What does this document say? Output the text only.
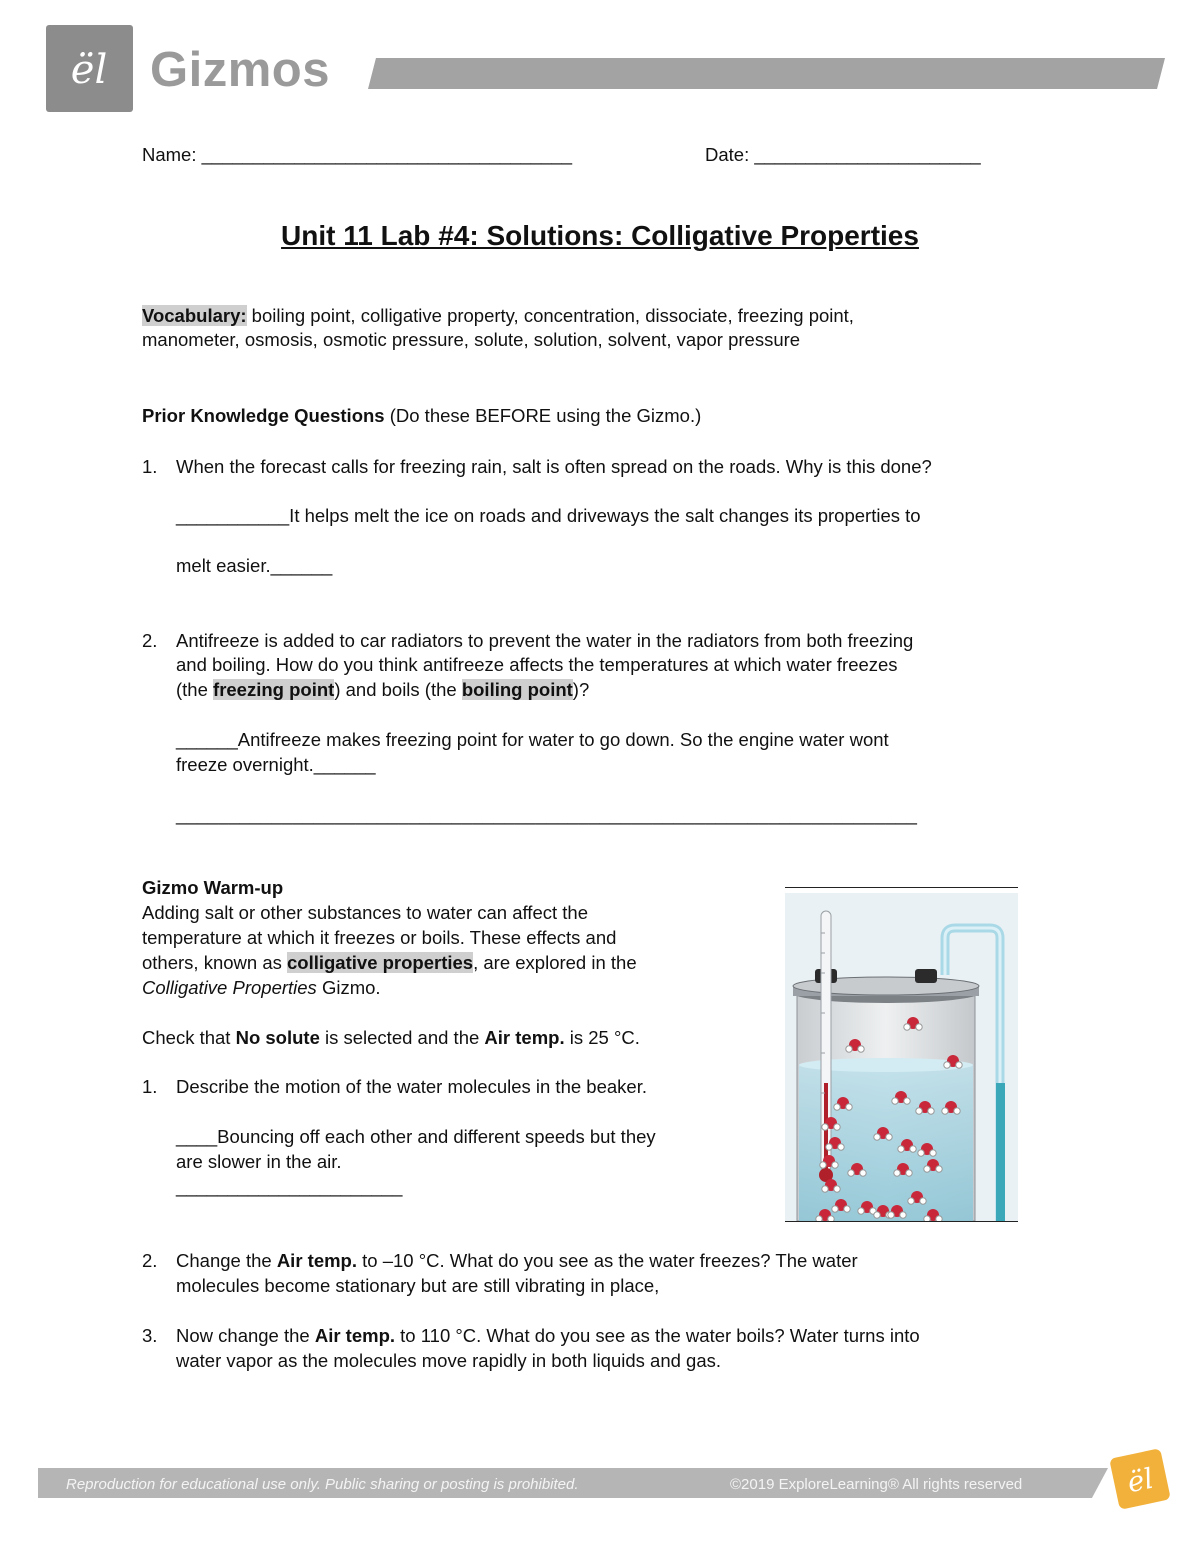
ël Gizmos
Name: ____________________________________	Date: ______________________
Unit 11 Lab #4: Solutions: Colligative Properties
Vocabulary: boiling point, colligative property, concentration, dissociate, freezing point,
manometer, osmosis, osmotic pressure, solute, solution, solvent, vapor pressure
Prior Knowledge Questions (Do these BEFORE using the Gizmo.)
1. When the forecast calls for freezing rain, salt is often spread on the roads. Why is this done?
___________It helps melt the ice on roads and driveways the salt changes its properties to
melt easier.______
2. Antifreeze is added to car radiators to prevent the water in the radiators from both freezing
and boiling. How do you think antifreeze affects the temperatures at which water freezes
(the freezing point) and boils (the boiling point)?
______Antifreeze makes freezing point for water to go down. So the engine water wont
freeze overnight.______
______________________________________________________________________
Gizmo Warm-up
Adding salt or other substances to water can affect the
temperature at which it freezes or boils. These effects and
others, known as colligative properties, are explored in the
Colligative Properties Gizmo.
Check that No solute is selected and the Air temp. is 25 °C.
1. Describe the motion of the water molecules in the beaker.
____Bouncing off each other and different speeds but they
are slower in the air.
______________________
2. Change the Air temp. to –10 °C. What do you see as the water freezes? The water
molecules become stationary but are still vibrating in place,
3. Now change the Air temp. to 110 °C. What do you see as the water boils? Water turns into
water vapor as the molecules move rapidly in both liquids and gas.
Reproduction for educational use only. Public sharing or posting is prohibited.	©2019 ExploreLearning® All rights reserved	ël
